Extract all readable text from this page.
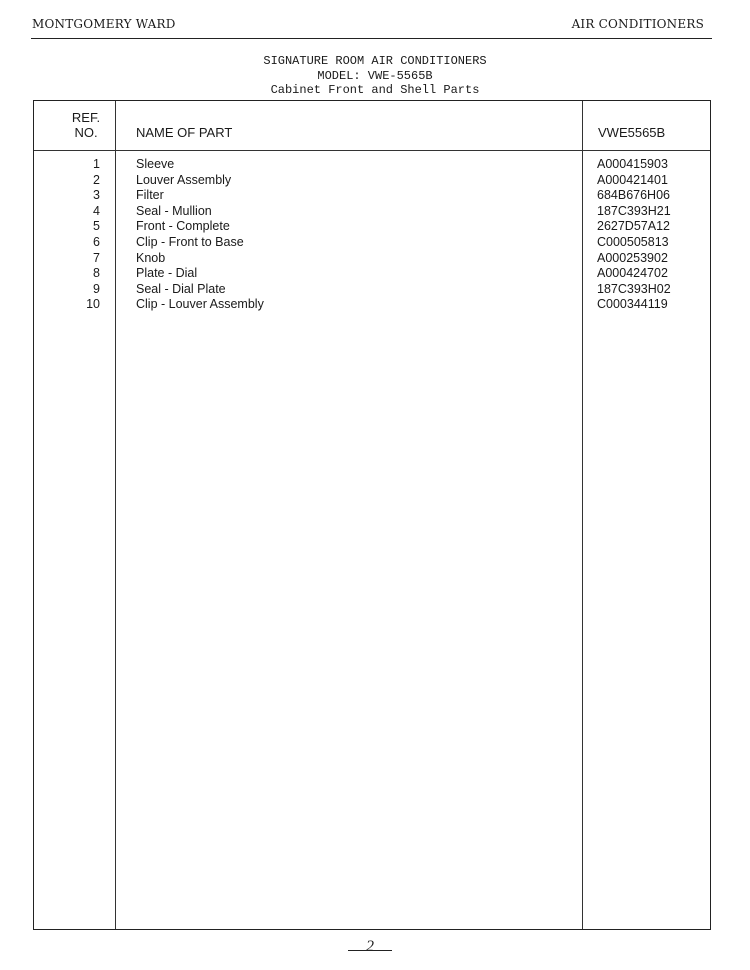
MONTGOMERY WARD	AIR CONDITIONERS
SIGNATURE ROOM AIR CONDITIONERS
MODEL: VWE-5565B
Cabinet Front and Shell Parts
REF.
NO.	NAME OF PART	VWE5565B
1	Sleeve	A000415903
2	Louver Assembly	A000421401
3	Filter	684B676H06
4	Seal - Mullion	187C393H21
5	Front - Complete	2627D57A12
6	Clip - Front to Base	C000505813
7	Knob	A000253902
8	Plate - Dial	A000424702
9	Seal - Dial Plate	187C393H02
10	Clip - Louver Assembly	C000344119
2
